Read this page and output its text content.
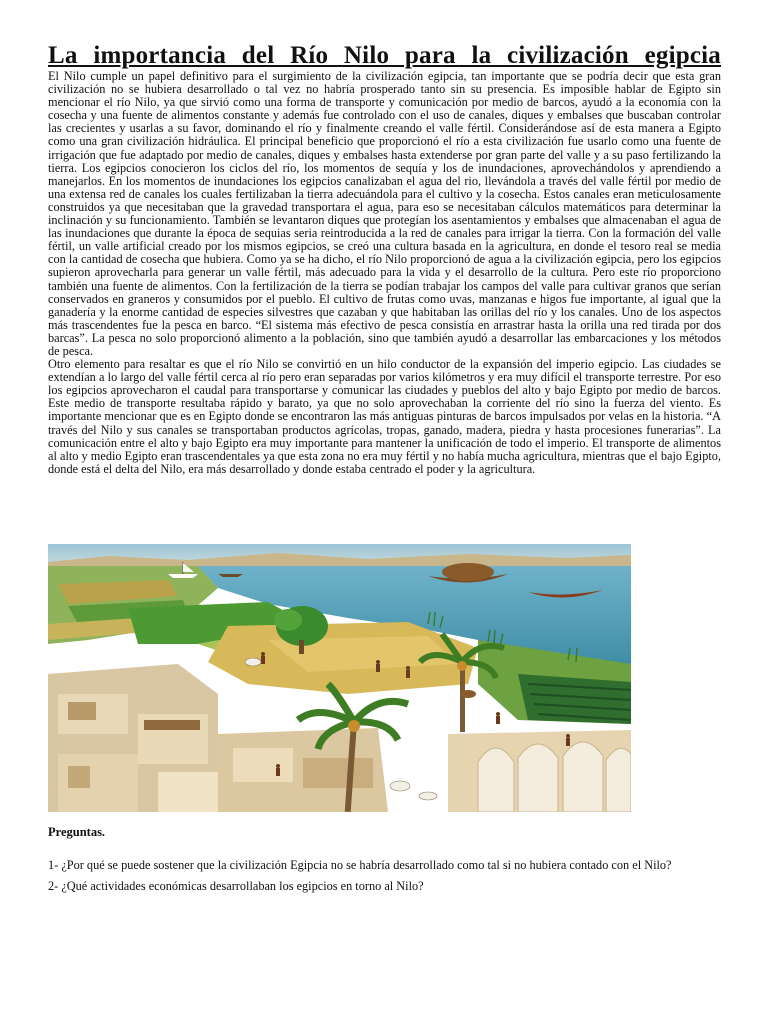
La importancia del Río Nilo para la civilización egipcia

El Nilo cumple un papel definitivo para el surgimiento de la civilización egipcia, tan importante que se podría decir que esta gran civilización no se hubiera desarrollado o tal vez no habría prosperado tanto sin su presencia. Es imposible hablar de Egipto sin mencionar el río Nilo, ya que sirvió como una forma de transporte y comunicación por medio de barcos, ayudó a la economía con la cosecha y una fuente de alimentos constante y además fue controlado con el uso de canales, diques y embalses que buscaban controlar las crecientes y usarlas a su favor, dominando el río y finalmente creando el valle fértil. Considerándose así de esta manera a Egipto como una gran civilización hidráulica. El principal beneficio que proporcionó el río a esta civilización fue usarlo como una fuente de irrigación que fue adaptado por medio de canales, diques y embalses hasta extenderse por gran parte del valle y a su paso fertilizando la tierra. Los egipcios conocieron los ciclos del río, los momentos de sequía y los de inundaciones, aprovechándolos y aprendiendo a manejarlos. En los momentos de inundaciones los egipcios canalizaban el agua del rio, llevándola a través del valle fértil por medio de una extensa red de canales los cuales fertilizaban la tierra adecuándola para el cultivo y la cosecha. Estos canales eran meticulosamente construidos ya que necesitaban que la gravedad transportara el agua, para eso se necesitaban cálculos matemáticos para determinar la inclinación y su funcionamiento. También se levantaron diques que protegían los asentamientos y embalses que almacenaban el agua de las inundaciones que durante la época de sequias seria reintroducida a la red de canales para irrigar la tierra. Con la formación del valle fértil, un valle artificial creado por los mismos egipcios, se creó una cultura basada en la agricultura, en donde el tesoro real se media con la cantidad de cosecha que hubiera. Como ya se ha dicho, el río Nilo proporcionó de agua a la civilización egipcia, pero los egipcios supieron aprovecharla para generar un valle fértil, más adecuado para la vida y el desarrollo de la cultura. Pero este río proporciono también una fuente de alimentos. Con la fertilización de la tierra se podían trabajar los campos del valle para cultivar granos que serían conservados en graneros y consumidos por el pueblo. El cultivo de frutas como uvas, manzanas e higos fue importante, al igual que la ganadería y la enorme cantidad de especies silvestres que cazaban y que habitaban las orillas del río y los canales. Uno de los aspectos más trascendentes fue la pesca en barco. “El sistema más efectivo de pesca consistía en arrastrar hasta la orilla una red tirada por dos barcas”. La pesca no solo proporcionó alimento a la población, sino que también ayudó a desarrollar las embarcaciones y los métodos de pesca.

Otro elemento para resaltar es que el río Nilo se convirtió en un hilo conductor de la expansión del imperio egipcio. Las ciudades se extendían a lo largo del valle fértil cerca al río pero eran separadas por varios kilómetros y era muy difícil el transporte terrestre. Por eso los egipcios aprovecharon el caudal para transportarse y comunicar las ciudades y pueblos del alto y bajo Egipto por medio de barcos. Este medio de transporte resultaba rápido y barato, ya que no solo aprovechaban la corriente del río sino la fuerza del viento. Es importante mencionar que es en Egipto donde se encontraron las más antiguas pinturas de barcos impulsados por velas en la historia. “A través del Nilo y sus canales se transportaban productos agrícolas, tropas, ganado, madera, piedra y hasta procesiones funerarias”. La comunicación entre el alto y bajo Egipto era muy importante para mantener la unificación de todo el imperio. El transporte de alimentos al alto y medio Egipto eran trascendentales ya que esta zona no era muy fértil y no había mucha agricultura, mientras que el bajo Egipto, donde está el delta del Nilo, era más desarrollado y donde estaba centrado el poder y la agricultura.

Preguntas.
1- ¿Por qué se puede sostener que la civilización Egipcia no se habría desarrollado como tal si no hubiera contado con el Nilo?
2- ¿Qué actividades económicas desarrollaban los egipcios en torno al Nilo?
